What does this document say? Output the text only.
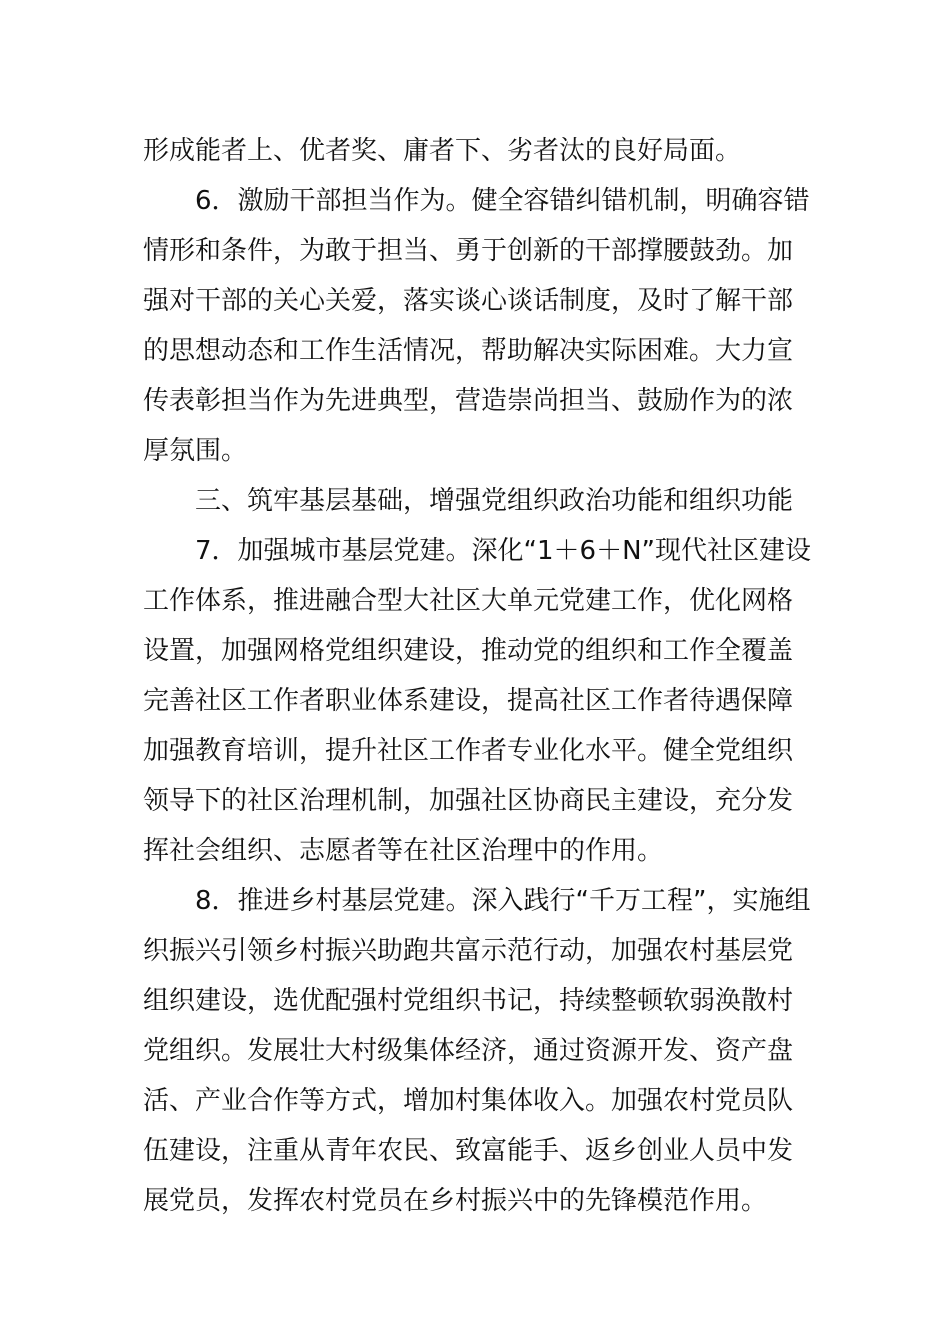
形成能者上、优者奖、庸者下、劣者汰的良好局面。
6．激励干部担当作为。健全容错纠错机制，明确容错
情形和条件，为敢于担当、勇于创新的干部撑腰鼓劲。加
强对干部的关心关爱，落实谈心谈话制度，及时了解干部
的思想动态和工作生活情况，帮助解决实际困难。大力宣
传表彰担当作为先进典型，营造崇尚担当、鼓励作为的浓
厚氛围。
三、筑牢基层基础，增强党组织政治功能和组织功能
7．加强城市基层党建。深化“1＋6＋N”现代社区建设
工作体系，推进融合型大社区大单元党建工作，优化网格
设置，加强网格党组织建设，推动党的组织和工作全覆盖
完善社区工作者职业体系建设，提高社区工作者待遇保障
加强教育培训，提升社区工作者专业化水平。健全党组织
领导下的社区治理机制，加强社区协商民主建设，充分发
挥社会组织、志愿者等在社区治理中的作用。
8．推进乡村基层党建。深入践行“千万工程”，实施组
织振兴引领乡村振兴助跑共富示范行动，加强农村基层党
组织建设，选优配强村党组织书记，持续整顿软弱涣散村
党组织。发展壮大村级集体经济，通过资源开发、资产盘
活、产业合作等方式，增加村集体收入。加强农村党员队
伍建设，注重从青年农民、致富能手、返乡创业人员中发
展党员，发挥农村党员在乡村振兴中的先锋模范作用。
